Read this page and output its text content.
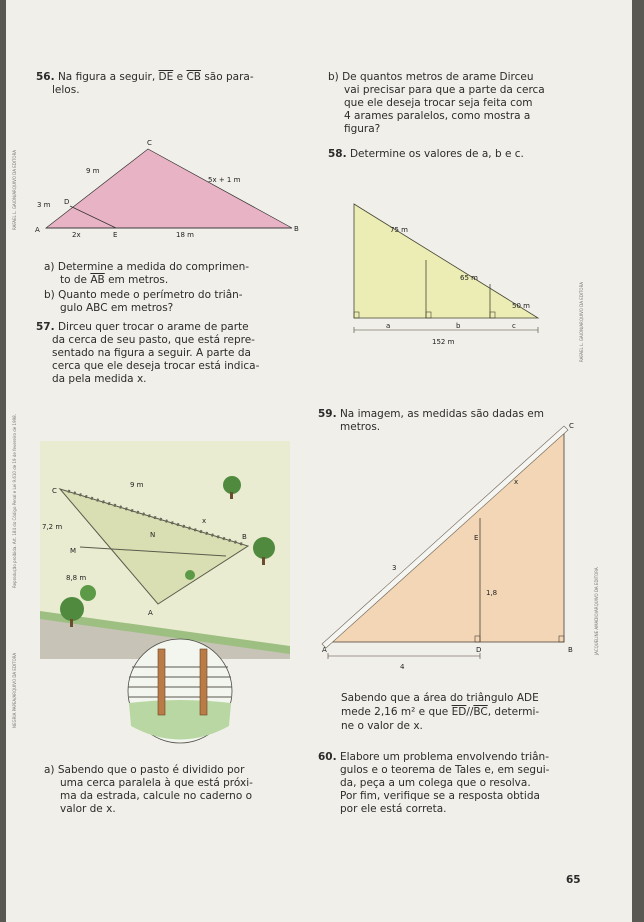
56. Na figura a seguir, $\overline{DE}$ e $\overline{CB}$ são para-
lelos.
C
B
A
D
E
9 m
5x + 1 m
3 m
2x	18 m
RAFAEL L. GAION/ARQUIVO DA EDITORA
a) Determine a medida do comprimen-
to de $\overline{AB}$ em metros.
b) Quanto mede o perímetro do triân-
gulo ABC em metros?
57. Dirceu quer trocar o arame de parte
da cerca de seu pasto, que está repre-
sentado na figura a seguir. A parte da
cerca que ele deseja trocar está indica-
da pela medida x.
C
9 m
x
N	B
M
7,2 m
8,8 m
A
NEGRIA PAPEA/ARQUIVO DA EDITORA
Reprodução proibida. Art. 184 do Código Penal e Lei 9.610 de 19 de fevereiro de 1998.
a) Sabendo que o pasto é dividido por
uma cerca paralela à que está próxi-
ma da estrada, calcule no caderno o
valor de x.
b) De quantos metros de arame Dirceu
vai precisar para que a parte da cerca
que ele deseja trocar seja feita com
4 arames paralelos, como mostra a
figura?
58. Determine os valores de a, b e c.
75 m
65 m
50 m
a	b	c
152 m	RAFAEL L. GAION/ARQUIVO DA EDITORA
59. Na imagem, as medidas são dadas em
metros.	C
x
E
3
1,8
A	D	B
4
JACQUELINE AMADIO/ARQUIVO DA EDITORA
Sabendo que a área do triângulo ADE
mede 2,16 m² e que $\overline{ED}//\overline{BC}$, determi-
ne o valor de x.
60. Elabore um problema envolvendo triân-
gulos e o teorema de Tales e, em segui-
da, peça a um colega que o resolva.
Por fim, verifique se a resposta obtida
por ele está correta.
65
